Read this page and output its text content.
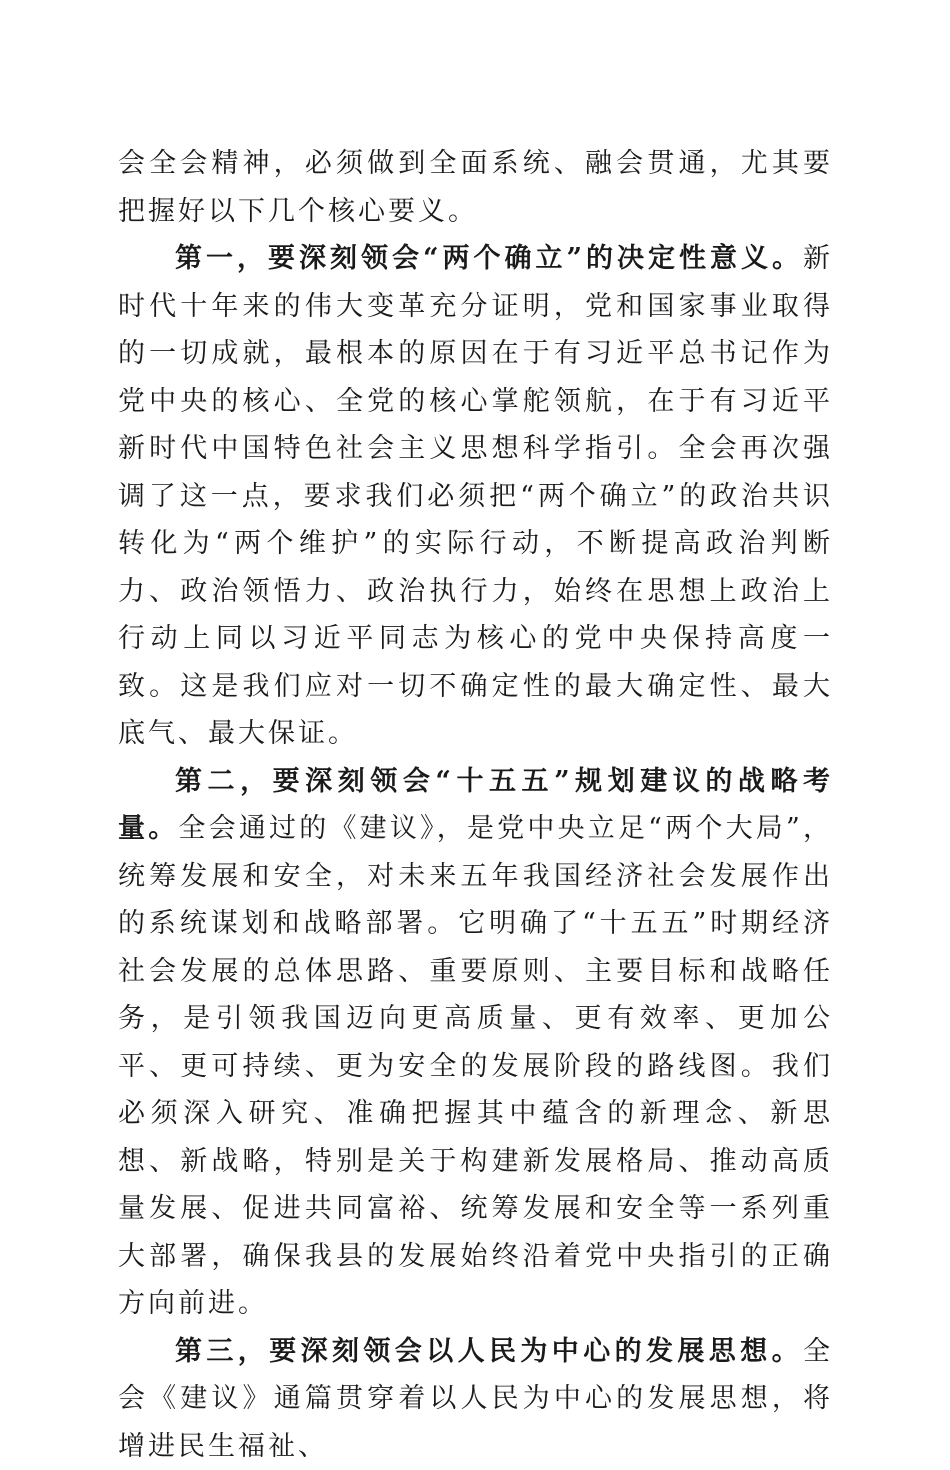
会全会精神，必须做到全面系统、融会贯通，尤其要把握好以下几个核心要义。

第一，要深刻领会“两个确立”的决定性意义。新时代十年来的伟大变革充分证明，党和国家事业取得的一切成就，最根本的原因在于有习近平总书记作为党中央的核心、全党的核心掌舵领航，在于有习近平新时代中国特色社会主义思想科学指引。全会再次强调了这一点，要求我们必须把“两个确立”的政治共识转化为“两个维护”的实际行动，不断提高政治判断力、政治领悟力、政治执行力，始终在思想上政治上行动上同以习近平同志为核心的党中央保持高度一致。这是我们应对一切不确定性的最大确定性、最大底气、最大保证。

第二，要深刻领会“十五五”规划建议的战略考量。全会通过的《建议》，是党中央立足“两个大局”，统筹发展和安全，对未来五年我国经济社会发展作出的系统谋划和战略部署。它明确了“十五五”时期经济社会发展的总体思路、重要原则、主要目标和战略任务，是引领我国迈向更高质量、更有效率、更加公平、更可持续、更为安全的发展阶段的路线图。我们必须深入研究、准确把握其中蕴含的新理念、新思想、新战略，特别是关于构建新发展格局、推动高质量发展、促进共同富裕、统筹发展和安全等一系列重大部署，确保我县的发展始终沿着党中央指引的正确方向前进。

第三，要深刻领会以人民为中心的发展思想。全会《建议》通篇贯穿着以人民为中心的发展思想，将增进民生福祉、
